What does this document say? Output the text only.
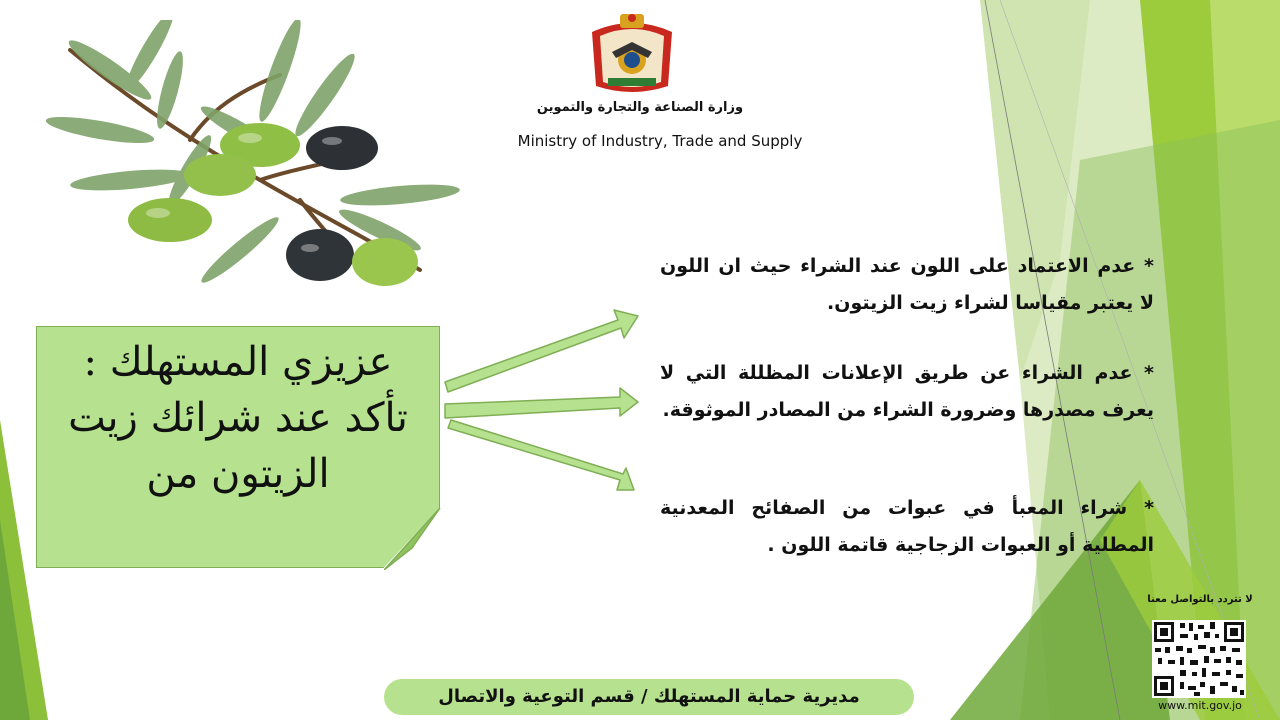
وزارة الصناعة والتجارة والتموين
Ministry of Industry, Trade and Supply
عزيزي المستهلك :
تأكد عند شرائك زيت
الزيتون من
* عدم الاعتماد على اللون عند الشراء حيث ان اللون لا يعتبر مقياسا لشراء زيت الزيتون.
* عدم الشراء عن طريق الإعلانات المظللة التي لا يعرف مصدرها وضرورة الشراء من المصادر الموثوقة.
* شراء المعبأ في عبوات من الصفائح المعدنية المطلية أو العبوات الزجاجية قاتمة اللون .
لا تتردد بالتواصل معنا
www.mit.gov.jo
مديرية حماية المستهلك / قسم التوعية والاتصال
